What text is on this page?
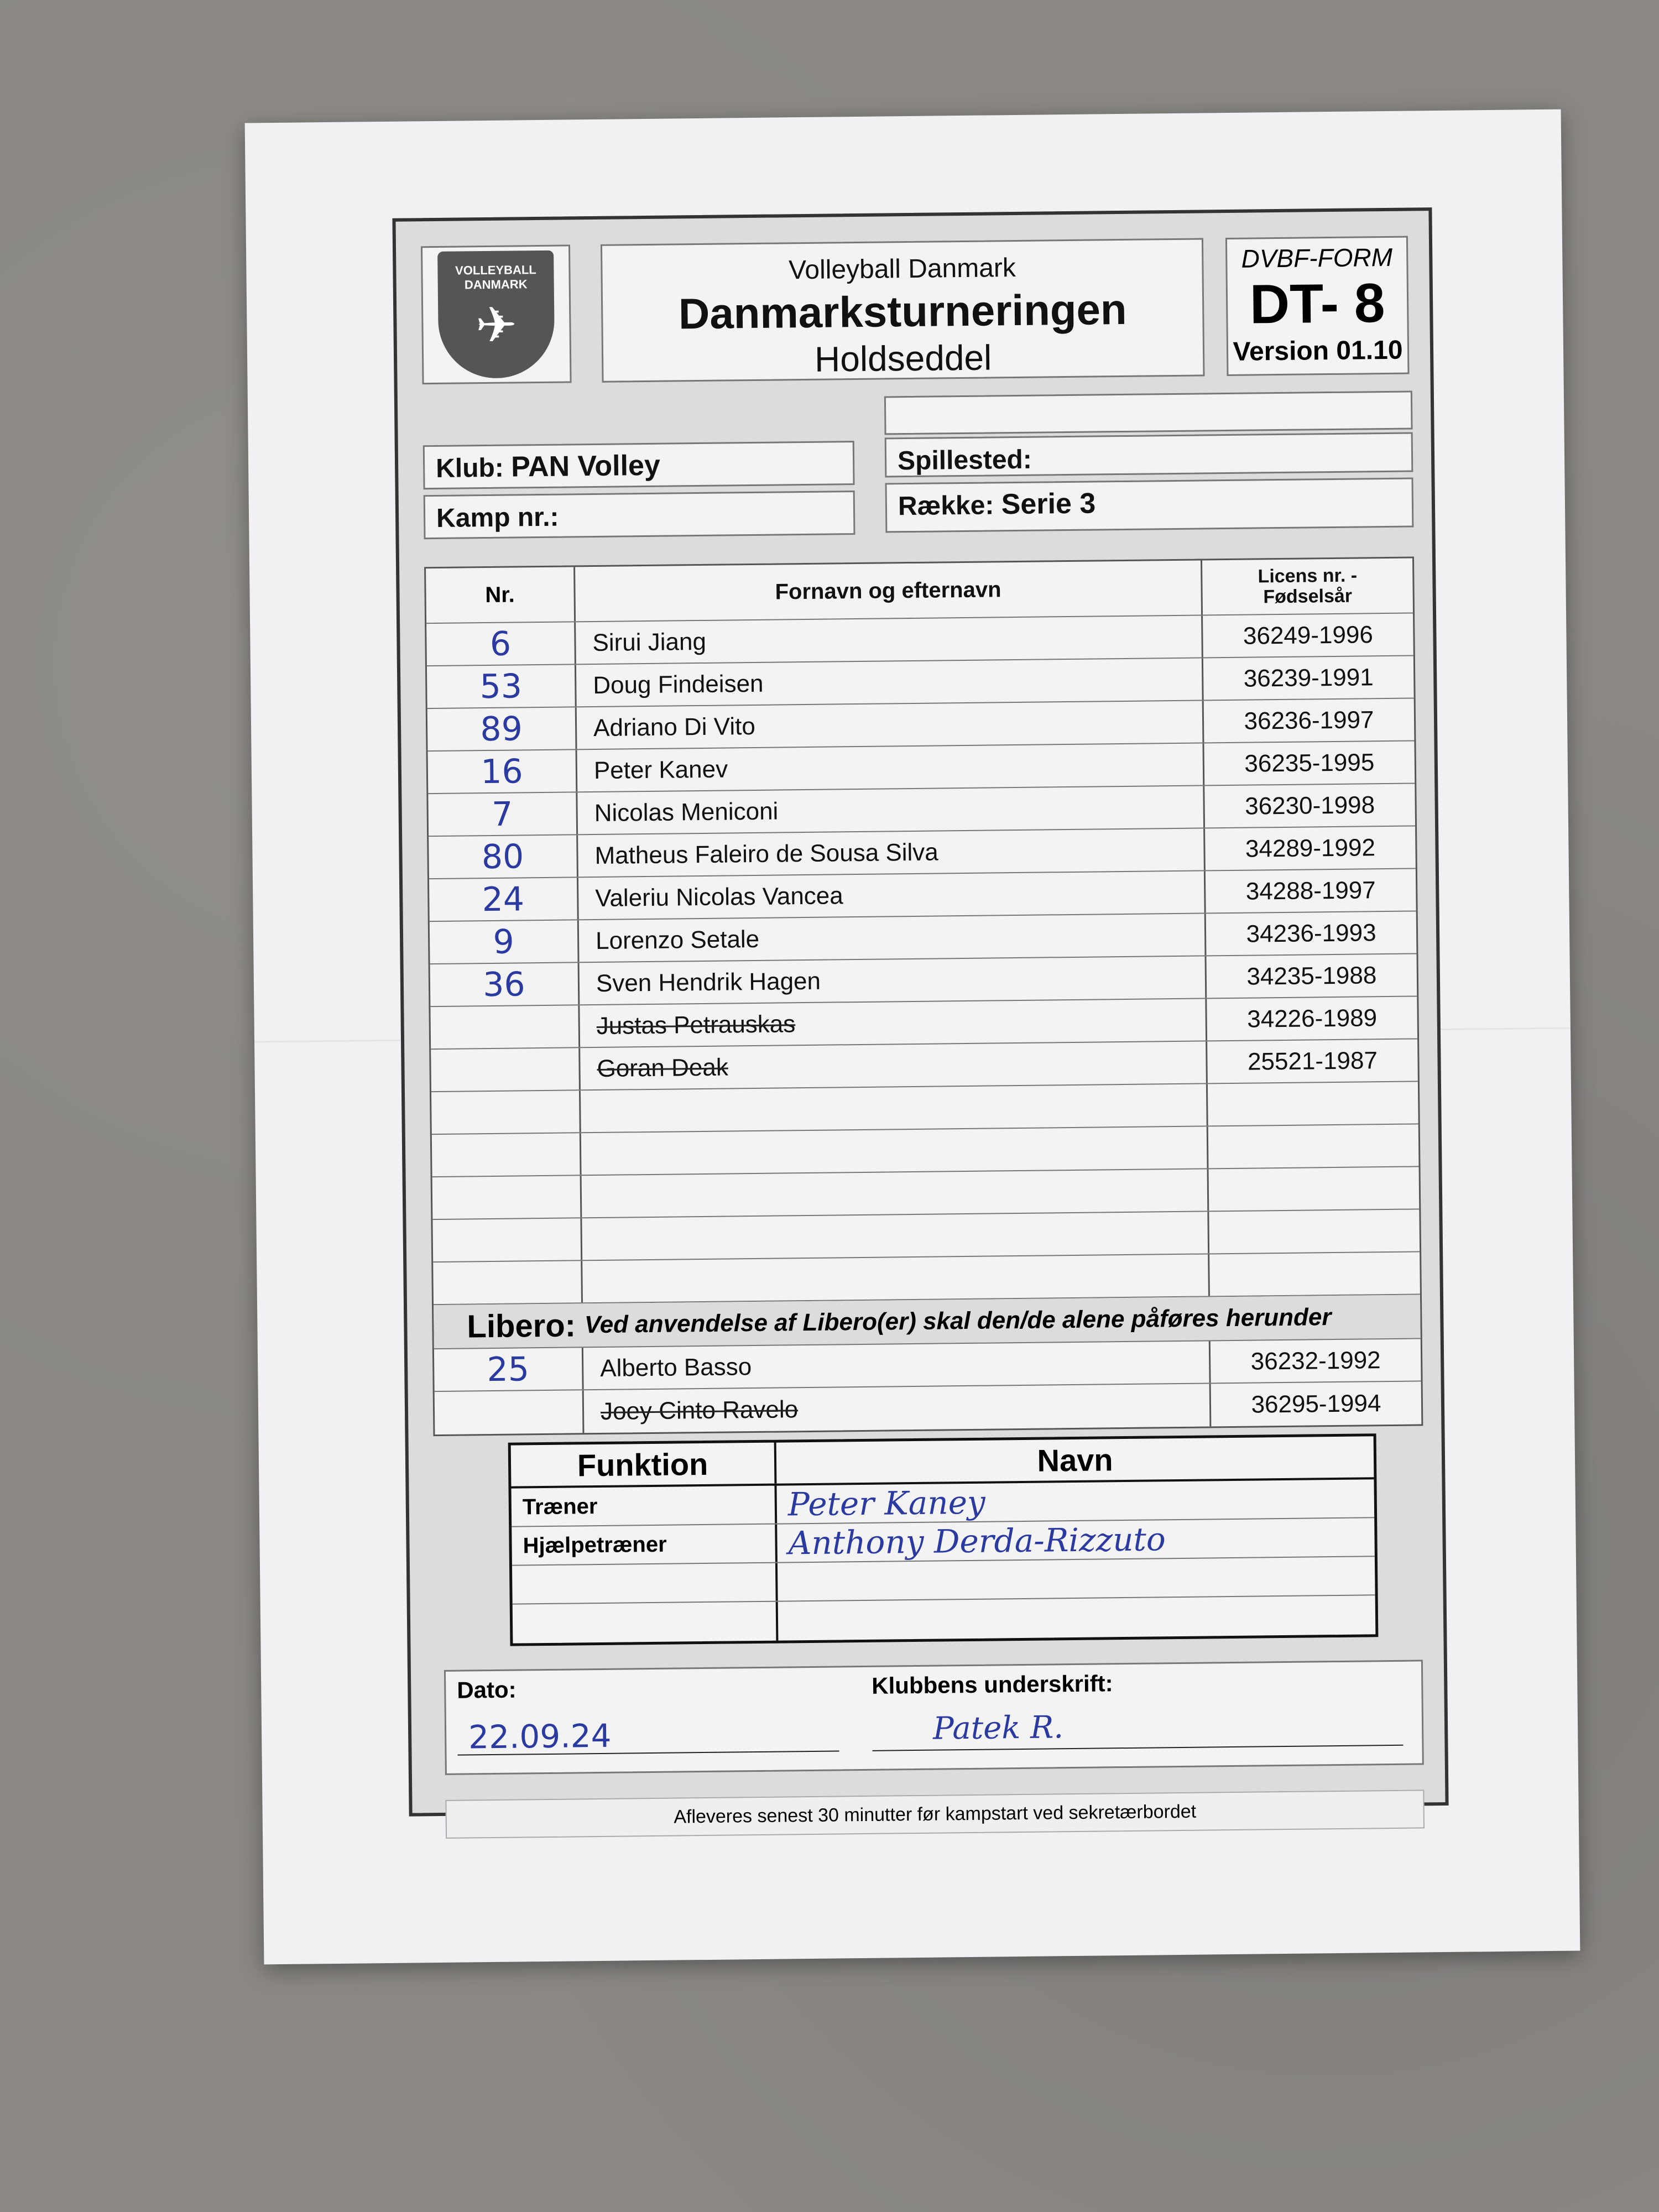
VOLLEYBALL
DANMARK
✈
Volleyball Danmark
Danmarksturneringen
Holdseddel
DVBF-FORM
DT- 8
Version 01.10
Klub: PAN Volley	Spillested:
Kamp nr.:	Række: Serie 3
Nr.	Fornavn og efternavn
Licens nr. -
Fødselsår
6	Sirui Jiang	36249-1996
53	Doug Findeisen	36239-1991
89	Adriano Di Vito	36236-1997
16	Peter Kanev	36235-1995
7	Nicolas Meniconi	36230-1998
80	Matheus Faleiro de Sousa Silva	34289-1992
24	Valeriu Nicolas Vancea	34288-1997
9	Lorenzo Setale	34236-1993
36	Sven Hendrik Hagen	34235-1988
Justas Petrauskas	34226-1989
Goran Deak	25521-1987
Libero: Ved anvendelse af Libero(er) skal den/de alene påføres herunder
25	Alberto Basso	36232-1992
Joey Cinto Ravelo	36295-1994
Funktion	Navn
Træner	Peter Kaney
Hjælpetræner	Anthony Derda-Rizzuto
Dato:	Klubbens underskrift:
22.09.24	Patek R.
Afleveres senest 30 minutter før kampstart ved sekretærbordet
